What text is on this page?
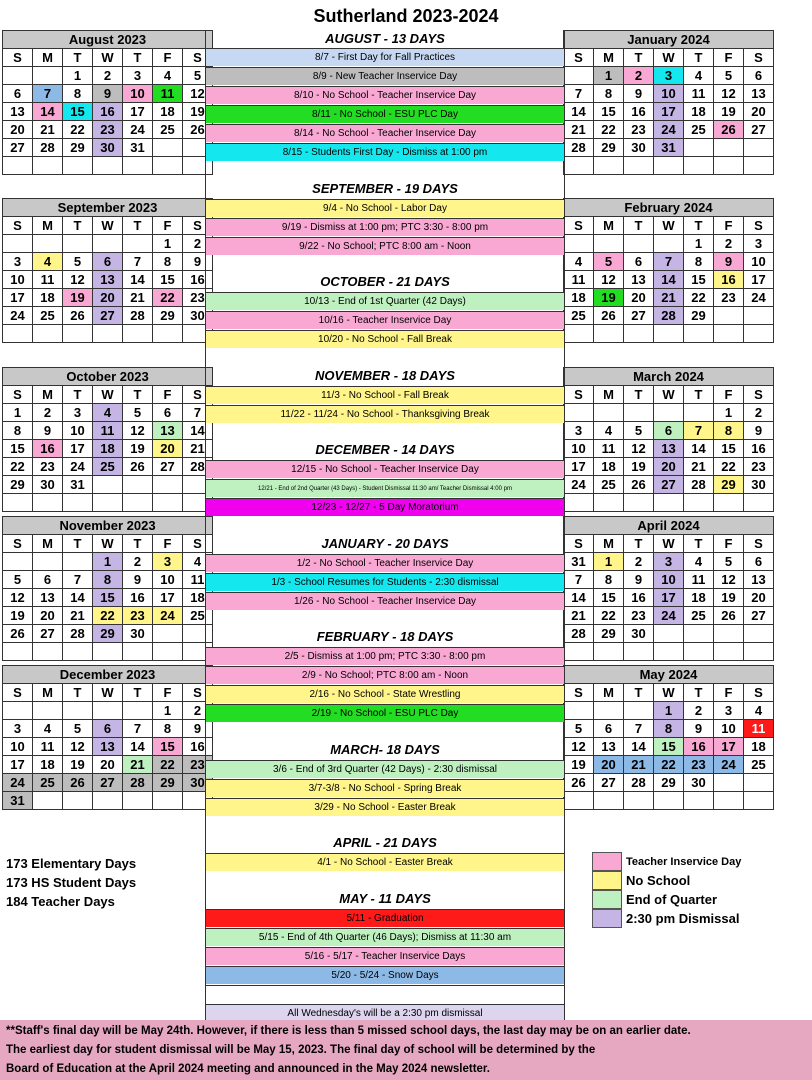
Sutherland 2023-2024
August 2023						
S	M	T	W	T	F	S
		1	2	3	4	5
6	7	8	9	10	11	12
13	14	15	16	17	18	19
20	21	22	23	24	25	26
27	28	29	30	31		

September 2023						
S	M	T	W	T	F	S
					1	2
3	4	5	6	7	8	9
10	11	12	13	14	15	16
17	18	19	20	21	22	23
24	25	26	27	28	29	30

October 2023						
S	M	T	W	T	F	S
1	2	3	4	5	6	7
8	9	10	11	12	13	14
15	16	17	18	19	20	21
22	23	24	25	26	27	28
29	30	31				

November 2023						
S	M	T	W	T	F	S
			1	2	3	4
5	6	7	8	9	10	11
12	13	14	15	16	17	18
19	20	21	22	23	24	25
26	27	28	29	30		

December 2023						
S	M	T	W	T	F	S
					1	2
3	4	5	6	7	8	9
10	11	12	13	14	15	16
17	18	19	20	21	22	23
24	25	26	27	28	29	30
31						
January 2024						
S	M	T	W	T	F	S
	1	2	3	4	5	6
7	8	9	10	11	12	13
14	15	16	17	18	19	20
21	22	23	24	25	26	27
28	29	30	31			

February 2024						
S	M	T	W	T	F	S
				1	2	3
4	5	6	7	8	9	10
11	12	13	14	15	16	17
18	19	20	21	22	23	24
25	26	27	28	29		

March 2024						
S	M	T	W	T	F	S
					1	2
3	4	5	6	7	8	9
10	11	12	13	14	15	16
17	18	19	20	21	22	23
24	25	26	27	28	29	30

April 2024						
S	M	T	W	T	F	S
31	1	2	3	4	5	6
7	8	9	10	11	12	13
14	15	16	17	18	19	20
21	22	23	24	25	26	27
28	29	30				

May 2024						
S	M	T	W	T	F	S
			1	2	3	4
5	6	7	8	9	10	11
12	13	14	15	16	17	18
19	20	21	22	23	24	25
26	27	28	29	30		

AUGUST - 13 DAYS
8/7 - First Day for Fall Practices
8/9 - New Teacher Inservice Day
8/10 - No School - Teacher Inservice Day
8/11 - No School - ESU PLC Day
8/14 - No School - Teacher Inservice Day
8/15 - Students First Day - Dismiss at 1:00 pm
SEPTEMBER - 19 DAYS
9/4 - No School - Labor Day
9/19 - Dismiss at 1:00 pm; PTC 3:30 - 8:00 pm
9/22 - No School; PTC 8:00 am - Noon
OCTOBER - 21 DAYS
10/13 - End of 1st Quarter (42 Days)
10/16 - Teacher Inservice Day
10/20 - No School - Fall Break
NOVEMBER - 18 DAYS
11/3 - No School - Fall Break
11/22 - 11/24 - No School - Thanksgiving Break
DECEMBER - 14 DAYS
12/15 - No School - Teacher Inservice Day
12/21 - End of 2nd Quarter (43 Days) - Student Dismissal 11:30 am/ Teacher Dismissal 4:00 pm
12/23 - 12/27 - 5 Day Moratorium
JANUARY - 20 DAYS
1/2 - No School - Teacher Inservice Day
1/3 - School Resumes for Students - 2:30 dismissal
1/26 - No School - Teacher Inservice Day
FEBRUARY - 18 DAYS
2/5 - Dismiss at 1:00 pm; PTC 3:30 - 8:00 pm
2/9 - No School; PTC 8:00 am - Noon
2/16 - No School - State Wrestling
2/19 - No School - ESU PLC Day
MARCH- 18 DAYS
3/6 - End of 3rd Quarter (42 Days) - 2:30 dismissal
3/7-3/8 - No School - Spring Break
3/29 - No School - Easter Break
APRIL - 21 DAYS
4/1 - No School - Easter Break
MAY - 11 DAYS
5/11 - Graduation
5/15 - End of 4th Quarter (46 Days); Dismiss at 11:30 am
5/16 - 5/17 - Teacher Inservice Days
5/20 - 5/24 - Snow Days
All Wednesday's will be a 2:30 pm dismissal
173 Elementary Days
173 HS Student Days
184 Teacher Days
Teacher Inservice Day
No School
End of Quarter
2:30 pm Dismissal
**Staff's final day will be May 24th. However, if there is less than 5 missed school days, the last day may be on an earlier date.
The earliest day for student dismissal will be May 15, 2023. The final day of school will be determined by the
Board of Education at the April 2024 meeting and announced in the May 2024 newsletter.
